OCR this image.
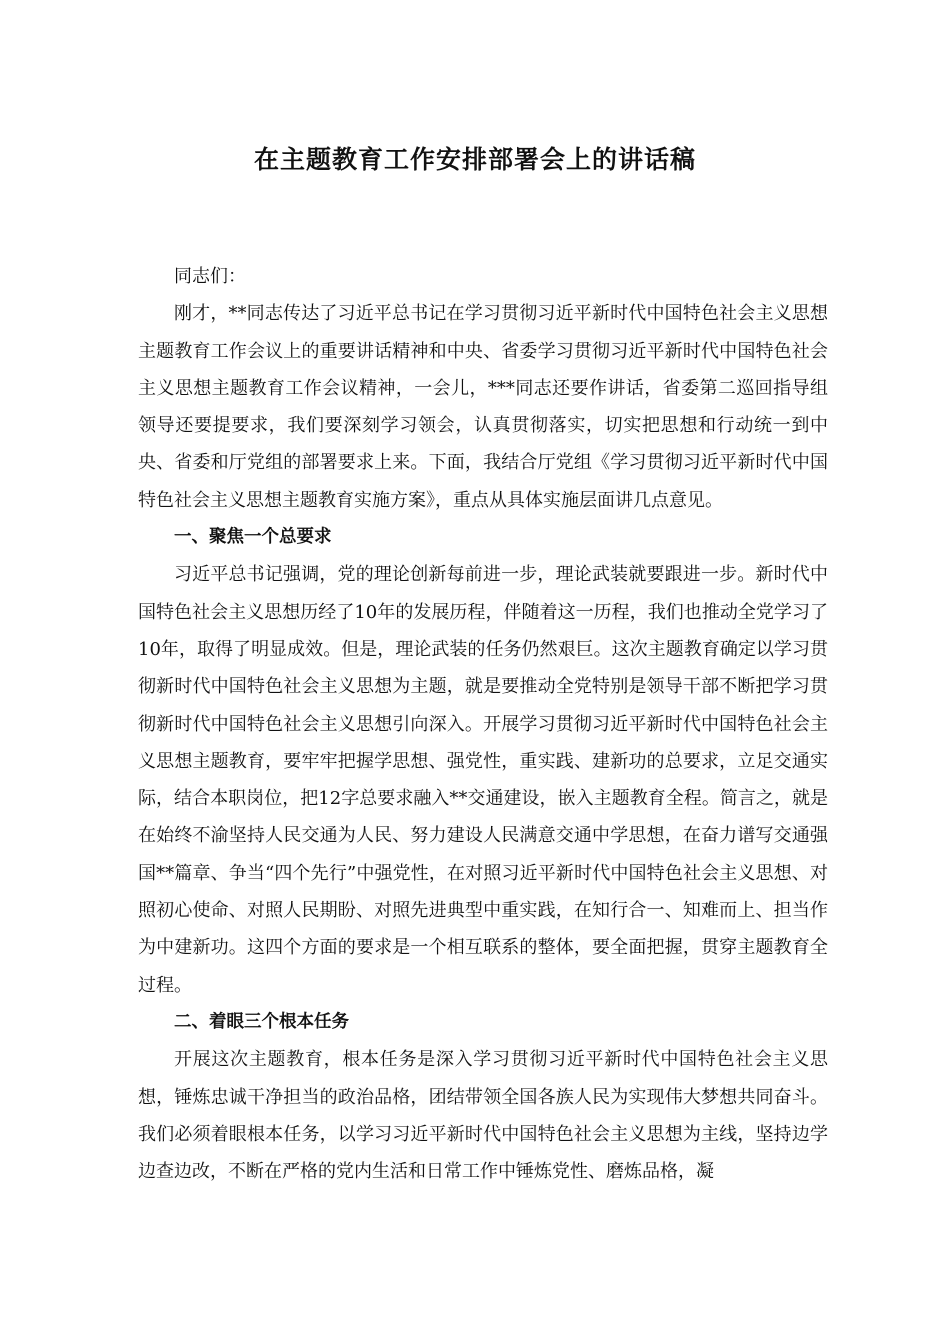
在主题教育工作安排部署会上的讲话稿

同志们：

刚才，**同志传达了习近平总书记在学习贯彻习近平新时代中国特色社会主义思想主题教育工作会议上的重要讲话精神和中央、省委学习贯彻习近平新时代中国特色社会主义思想主题教育工作会议精神，一会儿，***同志还要作讲话，省委第二巡回指导组领导还要提要求，我们要深刻学习领会，认真贯彻落实，切实把思想和行动统一到中央、省委和厅党组的部署要求上来。下面，我结合厅党组《学习贯彻习近平新时代中国特色社会主义思想主题教育实施方案》，重点从具体实施层面讲几点意见。

一、聚焦一个总要求

习近平总书记强调，党的理论创新每前进一步，理论武装就要跟进一步。新时代中国特色社会主义思想历经了10年的发展历程，伴随着这一历程，我们也推动全党学习了10年，取得了明显成效。但是，理论武装的任务仍然艰巨。这次主题教育确定以学习贯彻新时代中国特色社会主义思想为主题，就是要推动全党特别是领导干部不断把学习贯彻新时代中国特色社会主义思想引向深入。开展学习贯彻习近平新时代中国特色社会主义思想主题教育，要牢牢把握学思想、强党性，重实践、建新功的总要求，立足交通实际，结合本职岗位，把12字总要求融入**交通建设，嵌入主题教育全程。简言之，就是在始终不渝坚持人民交通为人民、努力建设人民满意交通中学思想，在奋力谱写交通强国**篇章、争当“四个先行”中强党性，在对照习近平新时代中国特色社会主义思想、对照初心使命、对照人民期盼、对照先进典型中重实践，在知行合一、知难而上、担当作为中建新功。这四个方面的要求是一个相互联系的整体，要全面把握，贯穿主题教育全过程。

二、着眼三个根本任务

开展这次主题教育，根本任务是深入学习贯彻习近平新时代中国特色社会主义思想，锤炼忠诚干净担当的政治品格，团结带领全国各族人民为实现伟大梦想共同奋斗。我们必须着眼根本任务，以学习习近平新时代中国特色社会主义思想为主线，坚持边学边查边改，不断在严格的党内生活和日常工作中锤炼党性、磨炼品格，凝
